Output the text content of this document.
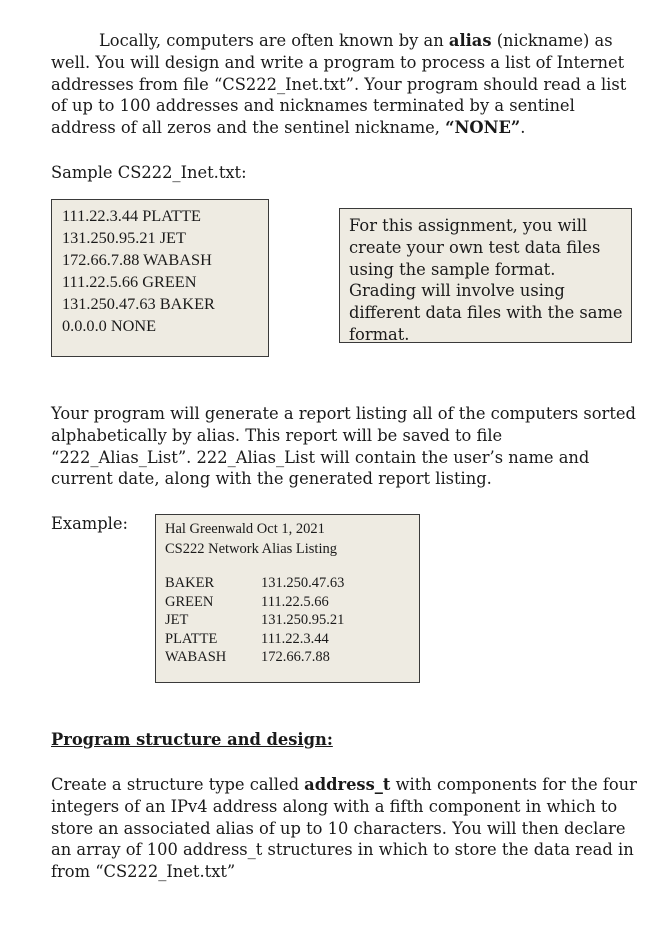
Locally, computers are often known by an alias (nickname) as well. You will design and write a program to process a list of Internet addresses from file “CS222_Inet.txt”. Your program should read a list of up to 100 addresses and nicknames terminated by a sentinel address of all zeros and the sentinel nickname, “NONE”.

Sample CS222_Inet.txt:
111.22.3.44 PLATTE
131.250.95.21 JET
172.66.7.88 WABASH
111.22.5.66 GREEN
131.250.47.63 BAKER
0.0.0.0 NONE
For this assignment, you will create your own test data files using the sample format. Grading will involve using different data files with the same format.

Your program will generate a report listing all of the computers sorted alphabetically by alias. This report will be saved to file “222_Alias_List”. 222_Alias_List will contain the user’s name and current date, along with the generated report listing.

Example:	Hal Greenwald Oct 1, 2021
CS222 Network Alias Listing
BAKER	131.250.47.63
GREEN	111.22.5.66
JET	131.250.95.21
PLATTE	111.22.3.44
WABASH	172.66.7.88
Program structure and design:

Create a structure type called address_t with components for the four integers of an IPv4 address along with a fifth component in which to store an associated alias of up to 10 characters. You will then declare an array of 100 address_t structures in which to store the data read in from “CS222_Inet.txt”
